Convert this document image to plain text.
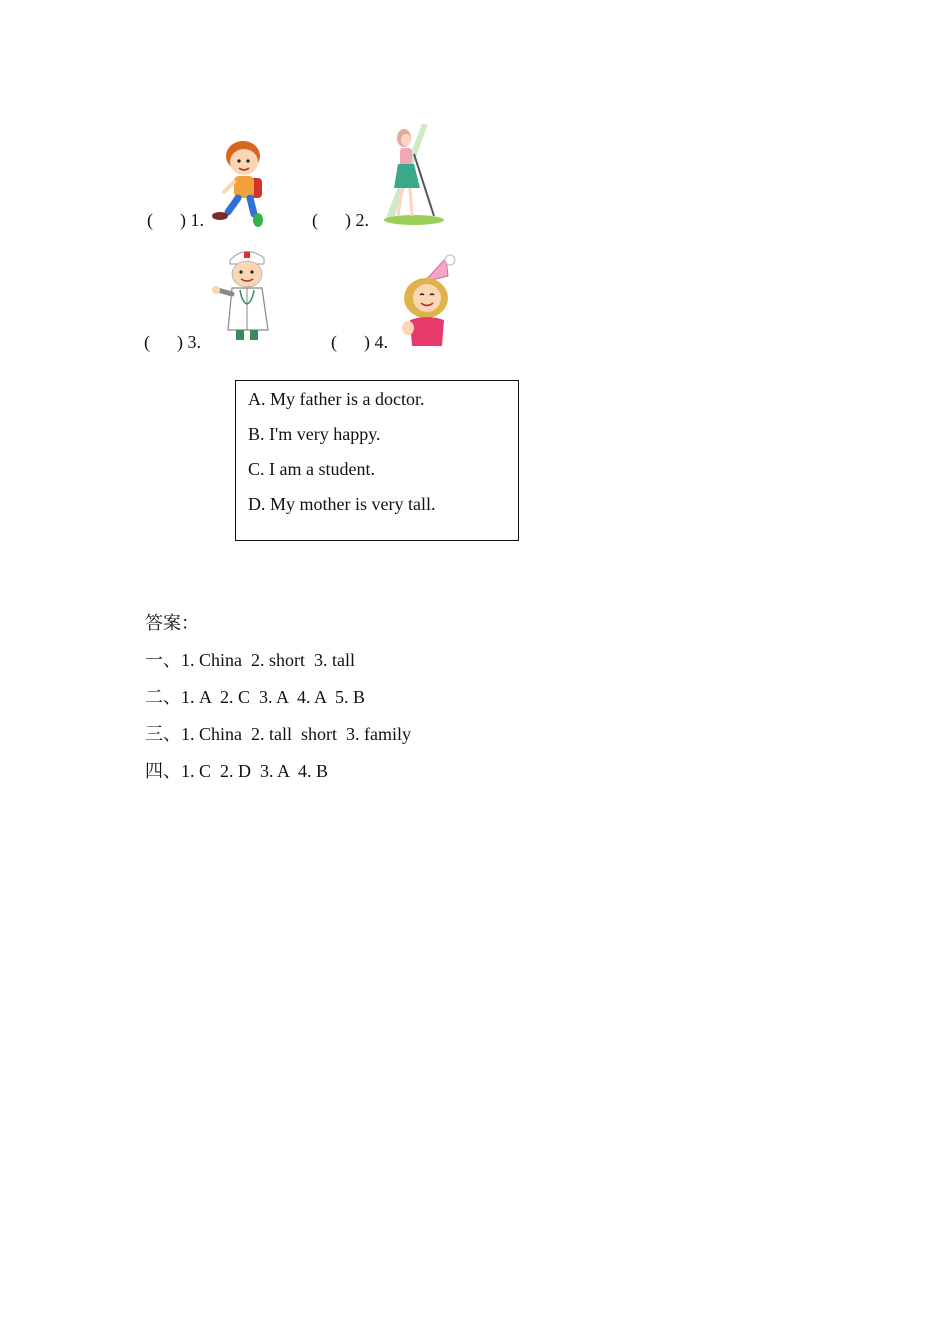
(      ) 1.	(      ) 2.
(      ) 3.	(      ) 4.
A. My father is a doctor.
B. I'm very happy.
C. I am a student.
D. My mother is very tall.
答案：
一、1. China  2. short  3. tall
二、1. A  2. C  3. A  4. A  5. B
三、1. China  2. tall  short  3. family
四、1. C  2. D  3. A  4. B
